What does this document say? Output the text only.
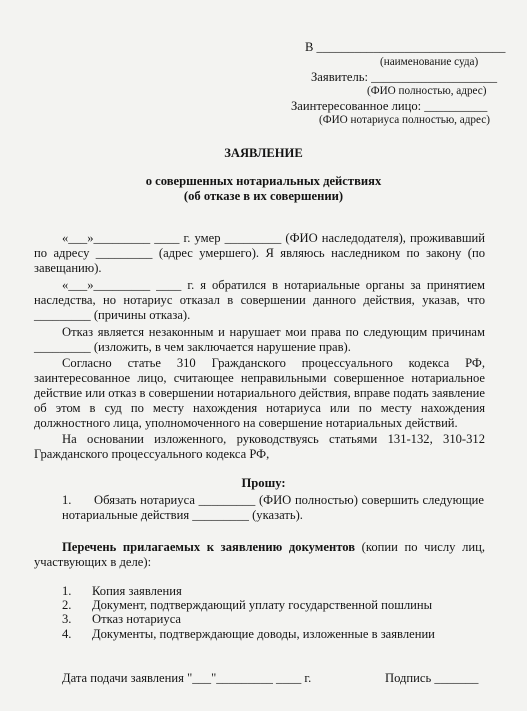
В ______________________________
(наименование суда)
Заявитель: ____________________
(ФИО полностью, адрес)
Заинтересованное лицо: __________
(ФИО нотариуса полностью, адрес)
ЗАЯВЛЕНИЕ
о совершенных нотариальных действиях
(об отказе в их совершении)
«___»_________ ____ г. умер _________ (ФИО наследодателя), проживавший
по адресу _________ (адрес умершего). Я являюсь наследником по закону (по
завещанию).
«___»_________ ____ г. я обратился в нотариальные органы за принятием
наследства, но нотариус отказал в совершении данного действия, указав, что
_________ (причины отказа).
Отказ является незаконным и нарушает мои права по следующим причинам
_________ (изложить, в чем заключается нарушение прав).
Согласно статье 310 Гражданского процессуального кодекса РФ,
заинтересованное лицо, считающее неправильными совершенное нотариальное
действие или отказ в совершении нотариального действия, вправе подать заявление
об этом в суд по месту нахождения нотариуса или по месту нахождения
должностного лица, уполномоченного на совершение нотариальных действий.
На основании изложенного, руководствуясь статьями 131-132, 310-312
Гражданского процессуального кодекса РФ,
Прошу:
1. Обязать нотариуса _________ (ФИО полностью) совершить следующие
нотариальные действия _________ (указать).
Перечень прилагаемых к заявлению документов (копии по числу лиц,
участвующих в деле):
1. Копия заявления
2. Документ, подтверждающий уплату государственной пошлины
3. Отказ нотариуса
4. Документы, подтверждающие доводы, изложенные в заявлении
Дата подачи заявления "___"_________ ____ г.	Подпись _______
